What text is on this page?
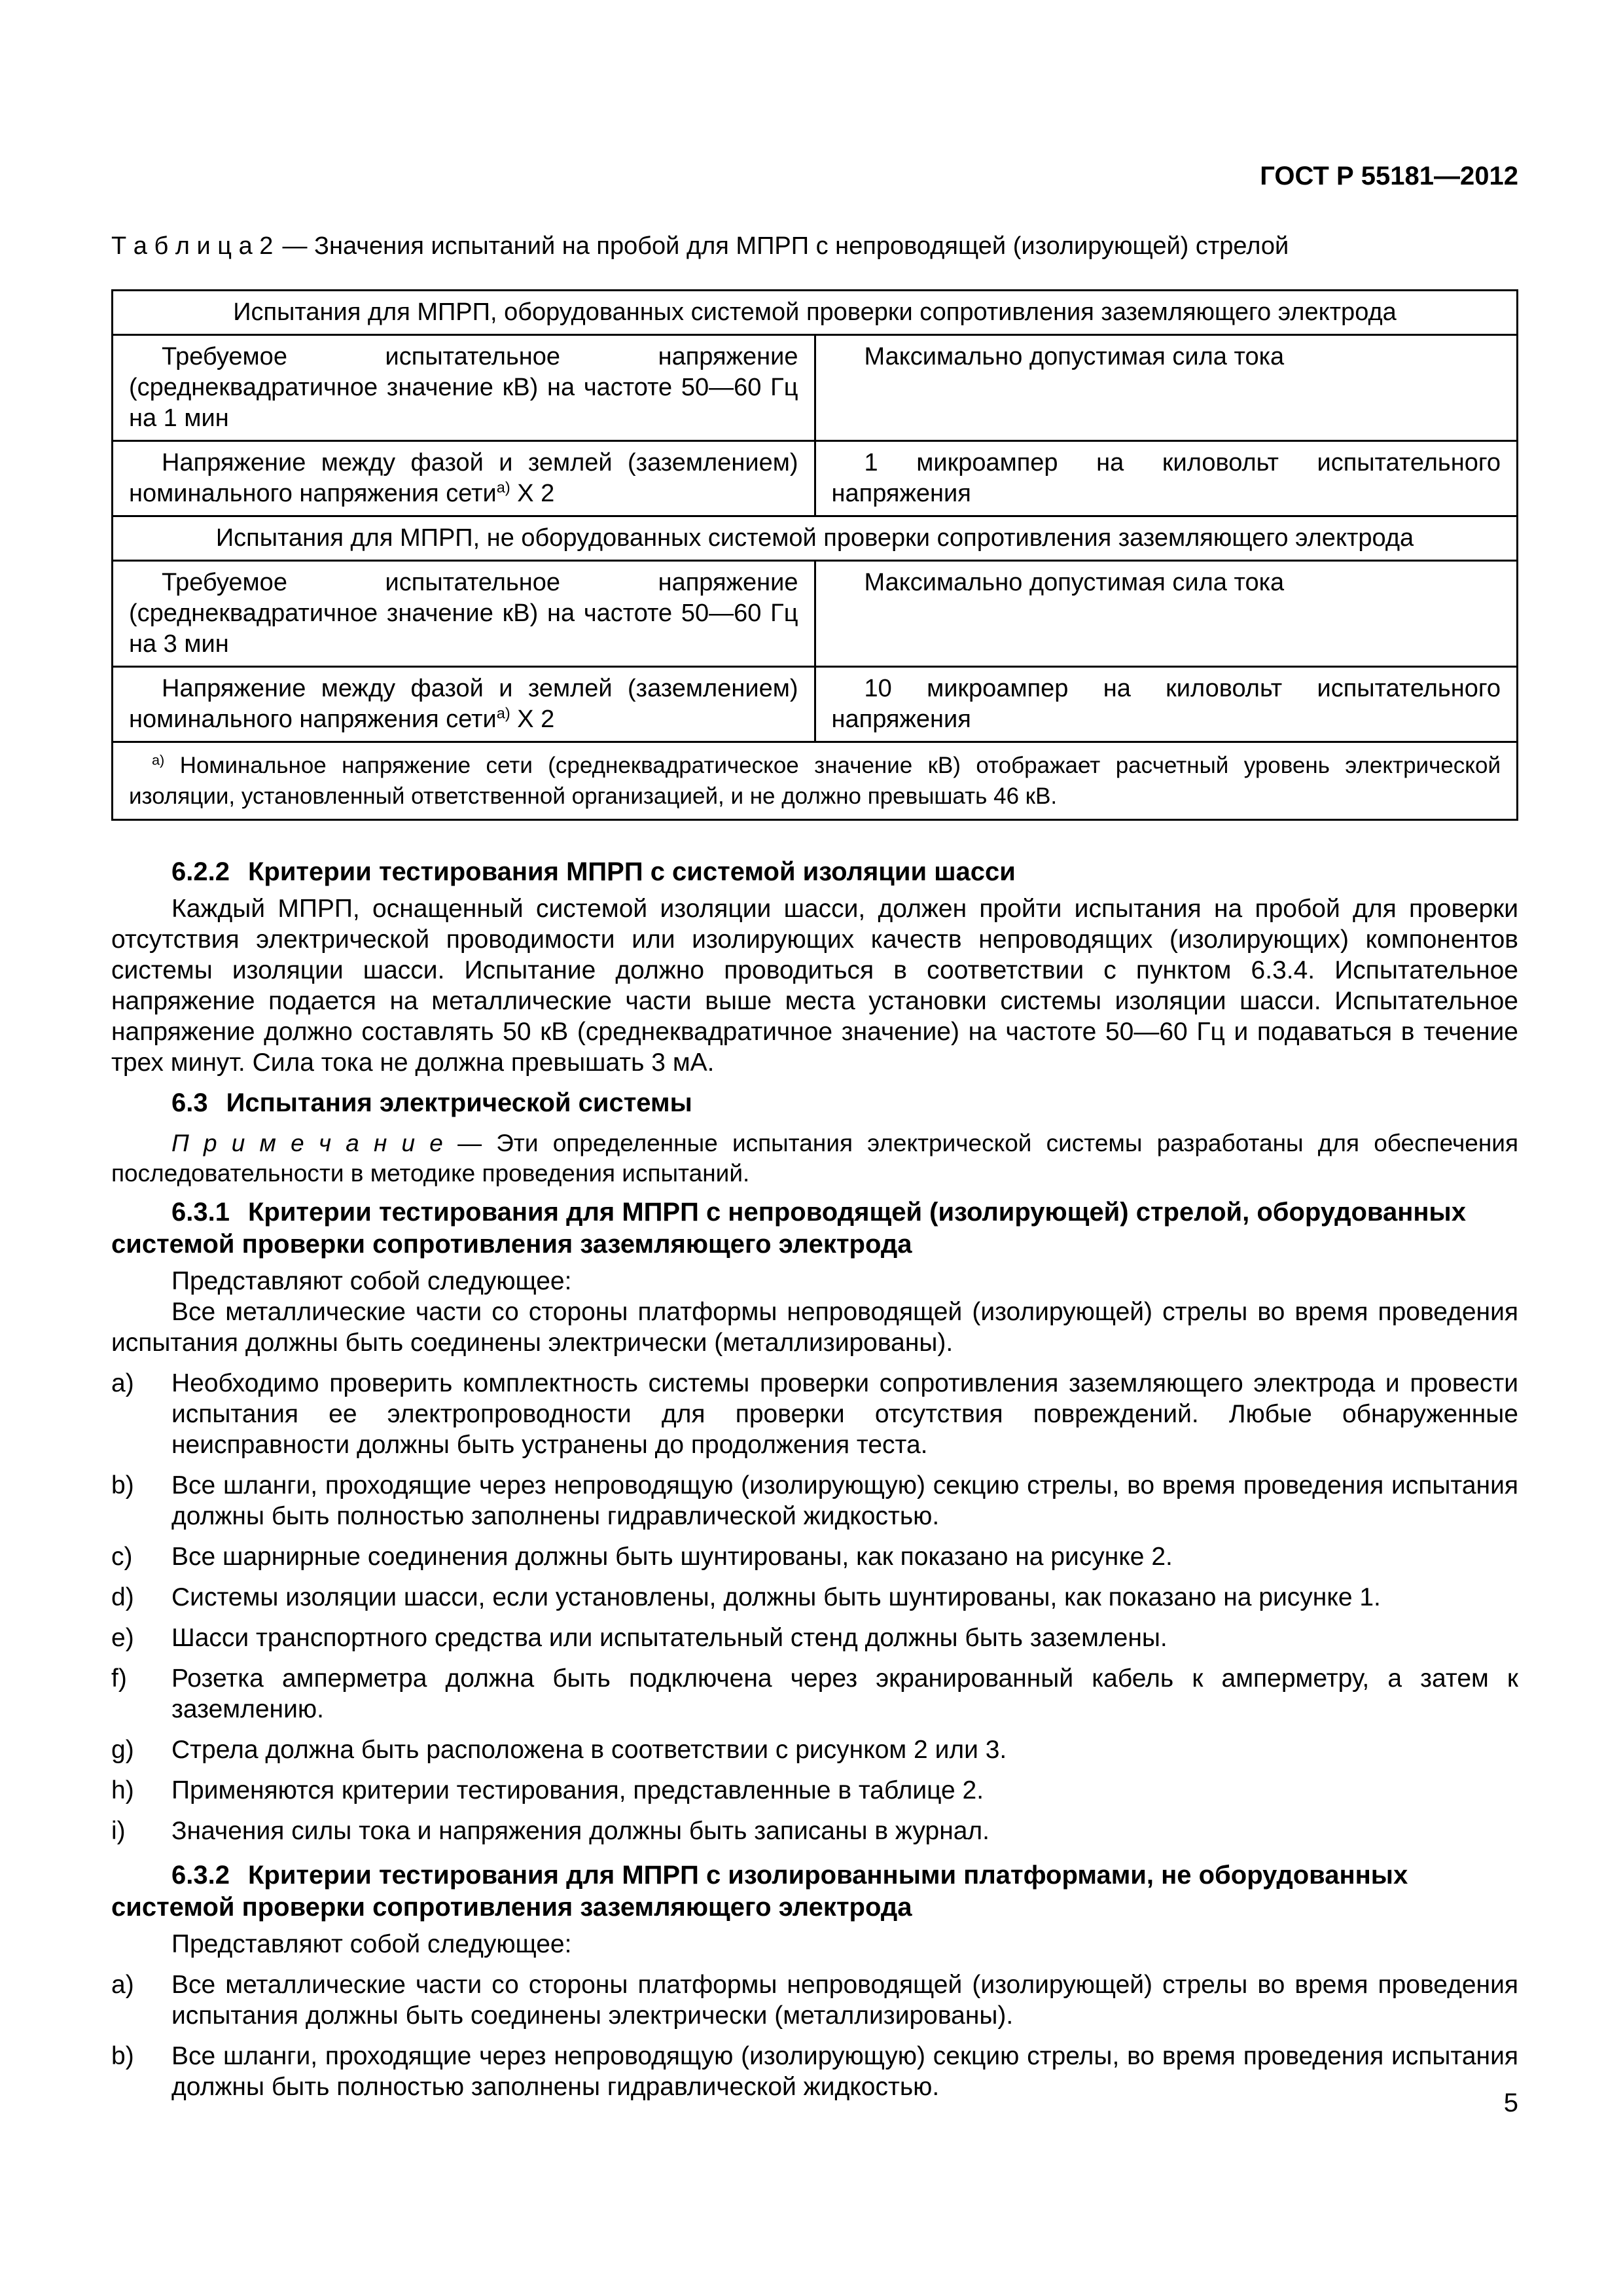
ГОСТ Р 55181—2012
Т а б л и ц а 2 — Значения испытаний на пробой для МПРП с непроводящей (изолирующей) стрелой
Испытания для МПРП, оборудованных системой проверки сопротивления заземляющего электрода	
Требуемое испытательное напряжение (среднеквадратичное значение кВ) на частоте 50—60 Гц на 1 мин	Максимально допустимая сила тока
Напряжение между фазой и землей (заземлением) номинального напряжения сети$^{а)}$ Х 2	1 микроампер на киловольт испытательного напряжения
Испытания для МПРП, не оборудованных системой проверки сопротивления заземляющего электрода	
Требуемое испытательное напряжение (среднеквадратичное значение кВ) на частоте 50—60 Гц на 3 мин	Максимально допустимая сила тока
Напряжение между фазой и землей (заземлением) номинального напряжения сети$^{а)}$ Х 2	10 микроампер на киловольт испытательного напряжения
$^{а)}$ Номинальное напряжение сети (среднеквадратическое значение кВ) отображает расчетный уровень электрической изоляции, установленный ответственной организацией, и не должно превышать 46 кВ.	
6.2.2 Критерии тестирования МПРП с системой изоляции шасси

Каждый МПРП, оснащенный системой изоляции шасси, должен пройти испытания на пробой для проверки отсутствия электрической проводимости или изолирующих качеств непроводящих (изолирующих) компонентов системы изоляции шасси. Испытание должно проводиться в соответствии с пунктом 6.3.4. Испытательное напряжение подается на металлические части выше места установки системы изоляции шасси. Испытательное напряжение должно составлять 50 кВ (среднеквадратичное значение) на частоте 50—60 Гц и подаваться в течение трех минут. Сила тока не должна превышать 3 мА.

6.3 Испытания электрической системы
П р и м е ч а н и е — Эти определенные испытания электрической системы разработаны для обеспечения последовательности в методике проведения испытаний.
6.3.1 Критерии тестирования для МПРП с непроводящей (изолирующей) стрелой, оборудованных системой проверки сопротивления заземляющего электрода

Представляют собой следующее:

Все металлические части со стороны платформы непроводящей (изолирующей) стрелы во время проведения испытания должны быть соединены электрически (металлизированы).

a) Необходимо проверить комплектность системы проверки сопротивления заземляющего электрода и провести испытания ее электропроводности для проверки отсутствия повреждений. Любые обнаруженные неисправности должны быть устранены до продолжения теста.
b) Все шланги, проходящие через непроводящую (изолирующую) секцию стрелы, во время проведения испытания должны быть полностью заполнены гидравлической жидкостью.
c) Все шарнирные соединения должны быть шунтированы, как показано на рисунке 2.
d) Системы изоляции шасси, если установлены, должны быть шунтированы, как показано на рисунке 1.
e) Шасси транспортного средства или испытательный стенд должны быть заземлены.
f) Розетка амперметра должна быть подключена через экранированный кабель к амперметру, а затем к заземлению.
g) Стрела должна быть расположена в соответствии с рисунком 2 или 3.
h) Применяются критерии тестирования, представленные в таблице 2.
i) Значения силы тока и напряжения должны быть записаны в журнал.
6.3.2 Критерии тестирования для МПРП с изолированными платформами, не оборудованных системой проверки сопротивления заземляющего электрода

Представляют собой следующее:

a) Все металлические части со стороны платформы непроводящей (изолирующей) стрелы во время проведения испытания должны быть соединены электрически (металлизированы).
b) Все шланги, проходящие через непроводящую (изолирующую) секцию стрелы, во время проведения испытания должны быть полностью заполнены гидравлической жидкостью.
5
